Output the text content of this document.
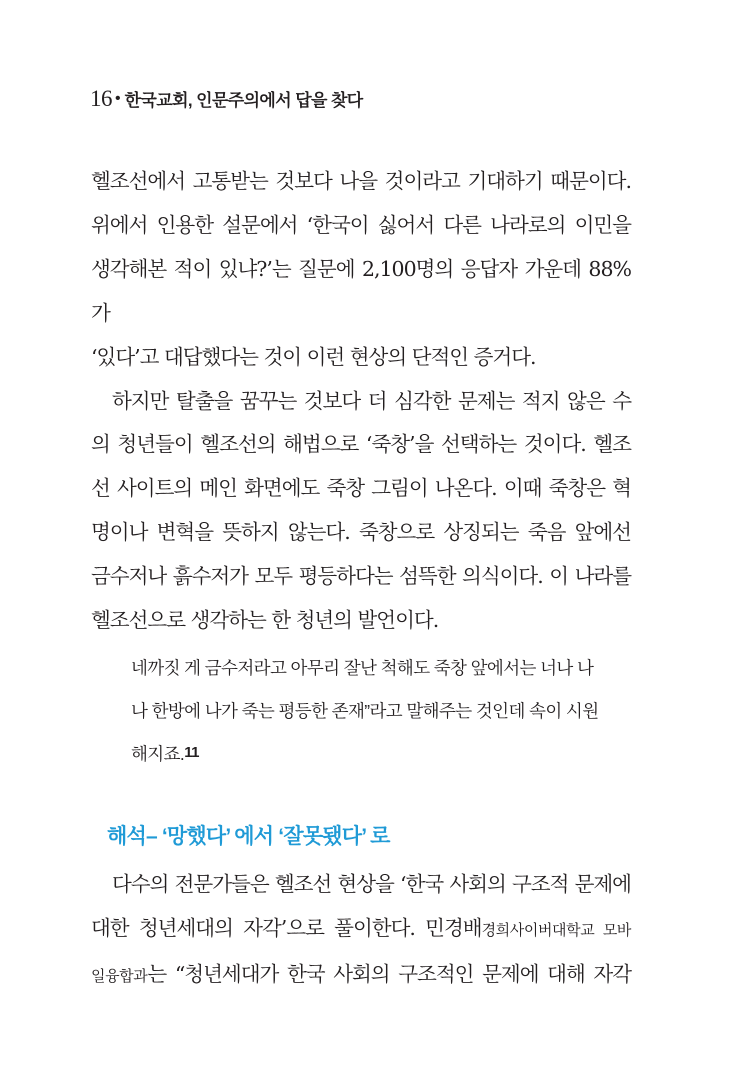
16 • 한국교회, 인문주의에서 답을 찾다

헬조선에서 고통받는 것보다 나을 것이라고 기대하기 때문이다.
위에서 인용한 설문에서 ‘한국이 싫어서 다른 나라로의 이민을
생각해본 적이 있냐?’는 질문에 2,100명의 응답자 가운데 88%가
‘있다’고 대답했다는 것이 이런 현상의 단적인 증거다.

하지만 탈출을 꿈꾸는 것보다 더 심각한 문제는 적지 않은 수
의 청년들이 헬조선의 해법으로 ‘죽창’을 선택하는 것이다. 헬조
선 사이트의 메인 화면에도 죽창 그림이 나온다. 이때 죽창은 혁
명이나 변혁을 뜻하지 않는다. 죽창으로 상징되는 죽음 앞에선
금수저나 흙수저가 모두 평등하다는 섬뜩한 의식이다. 이 나라를
헬조선으로 생각하는 한 청년의 발언이다.

네까짓 게 금수저라고 아무리 잘난 척해도 죽창 앞에서는 너나 나
나 한방에 나가 죽는 평등한 존재”라고 말해주는 것인데 속이 시원
해지죠.11
해석– ‘망했다’ 에서 ‘잘못됐다’ 로
다수의 전문가들은 헬조선 현상을 ‘한국 사회의 구조적 문제에
대한 청년세대의 자각’으로 풀이한다. 민경배경희사이버대학교 모바
일융합과는 “청년세대가 한국 사회의 구조적인 문제에 대해 자각
